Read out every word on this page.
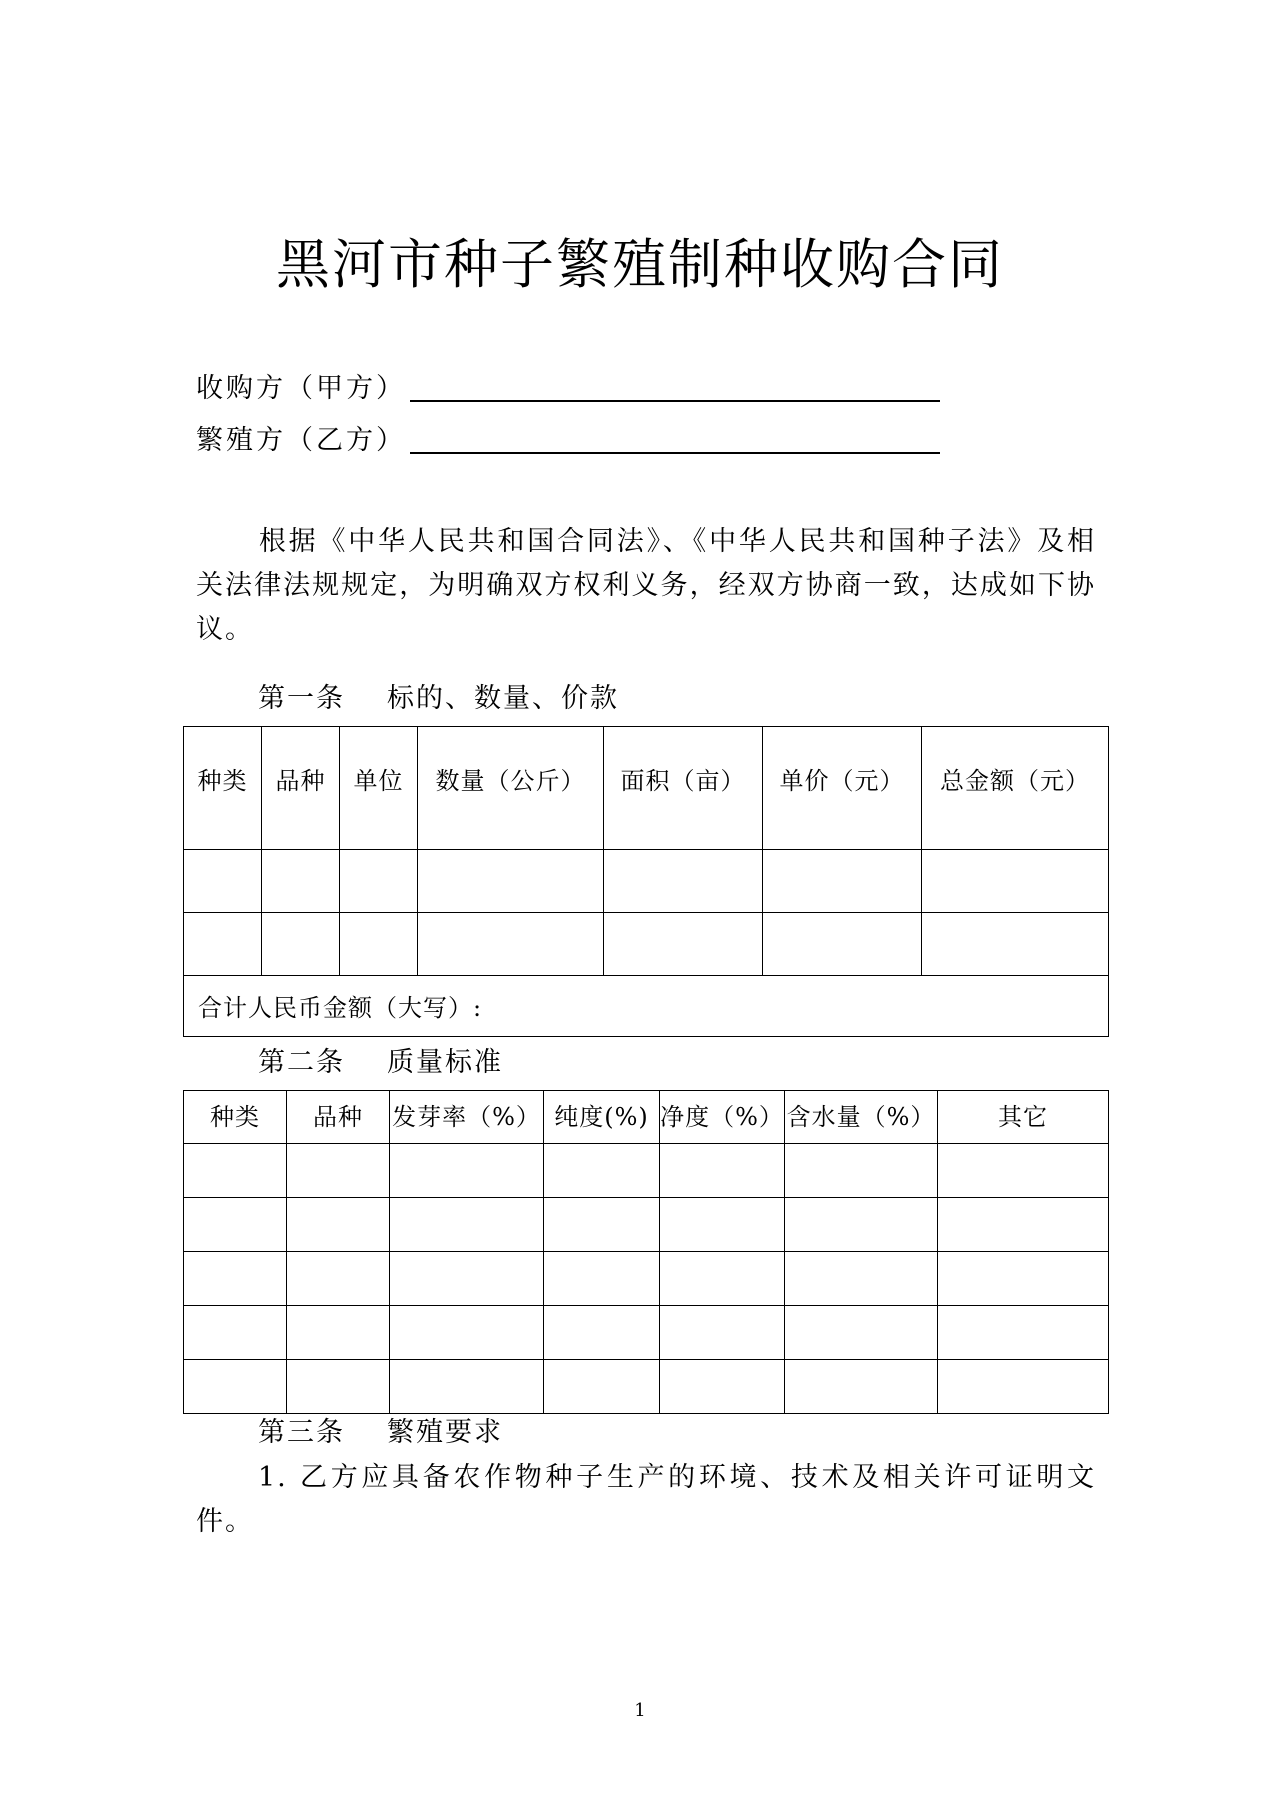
黑河市种子繁殖制种收购合同
收购方（甲方）
繁殖方（乙方）
根据《中华人民共和国合同法》、《中华人民共和国种子法》及相关法律法规规定，为明确双方权利义务，经双方协商一致，达成如下协议。
第一条 标的、数量、价款
种类	品种	单位	数量（公斤）	面积（亩）	单价（元）	总金额（元）

合计人民币金额（大写）:						
第二条 质量标准
种类	品种	发芽率（%）	纯度(%)	净度（%）	含水量（%）	其它

第三条 繁殖要求
1. 乙方应具备农作物种子生产的环境、技术及相关许可证明文件。
1
